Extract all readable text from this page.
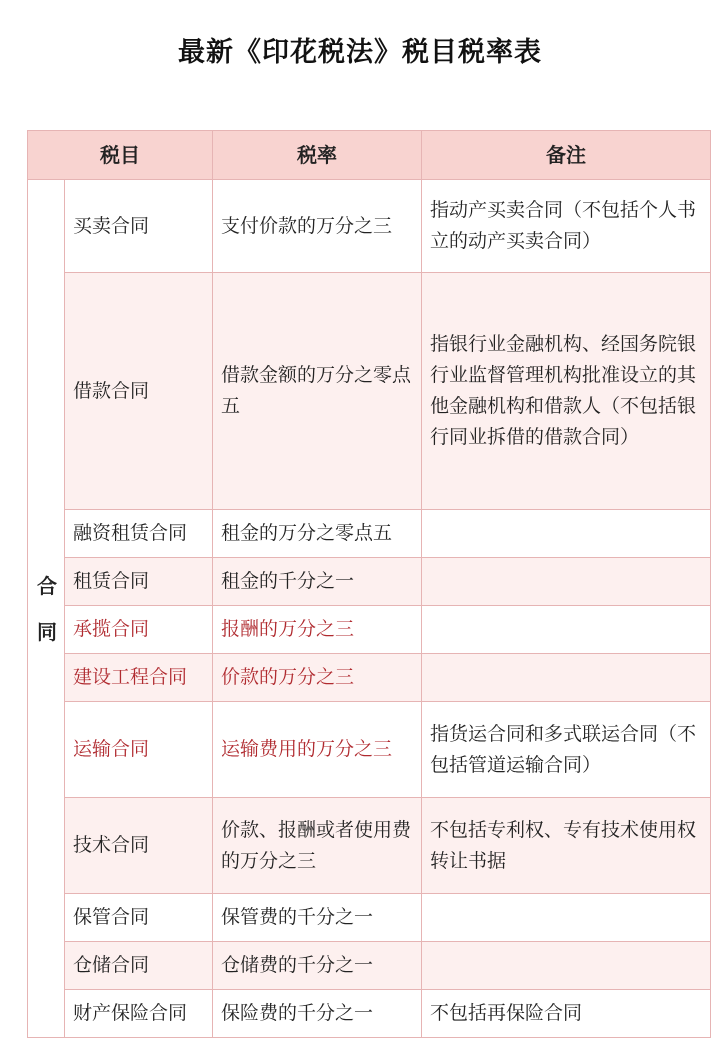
最新《印花税法》税目税率表
税目		税率	备注
合同	买卖合同	支付价款的万分之三	指动产买卖合同（不包括个人书立的动产买卖合同）
	借款合同	借款金额的万分之零点五	指银行业金融机构、经国务院银行业监督管理机构批准设立的其他金融机构和借款人（不包括银行同业拆借的借款合同）
	融资租赁合同	租金的万分之零点五	
	租赁合同	租金的千分之一	
	承揽合同	报酬的万分之三	
	建设工程合同	价款的万分之三	
	运输合同	运输费用的万分之三	指货运合同和多式联运合同（不包括管道运输合同）
	技术合同	价款、报酬或者使用费的万分之三	不包括专利权、专有技术使用权转让书据
	保管合同	保管费的千分之一	
	仓储合同	仓储费的千分之一	
	财产保险合同	保险费的千分之一	不包括再保险合同
